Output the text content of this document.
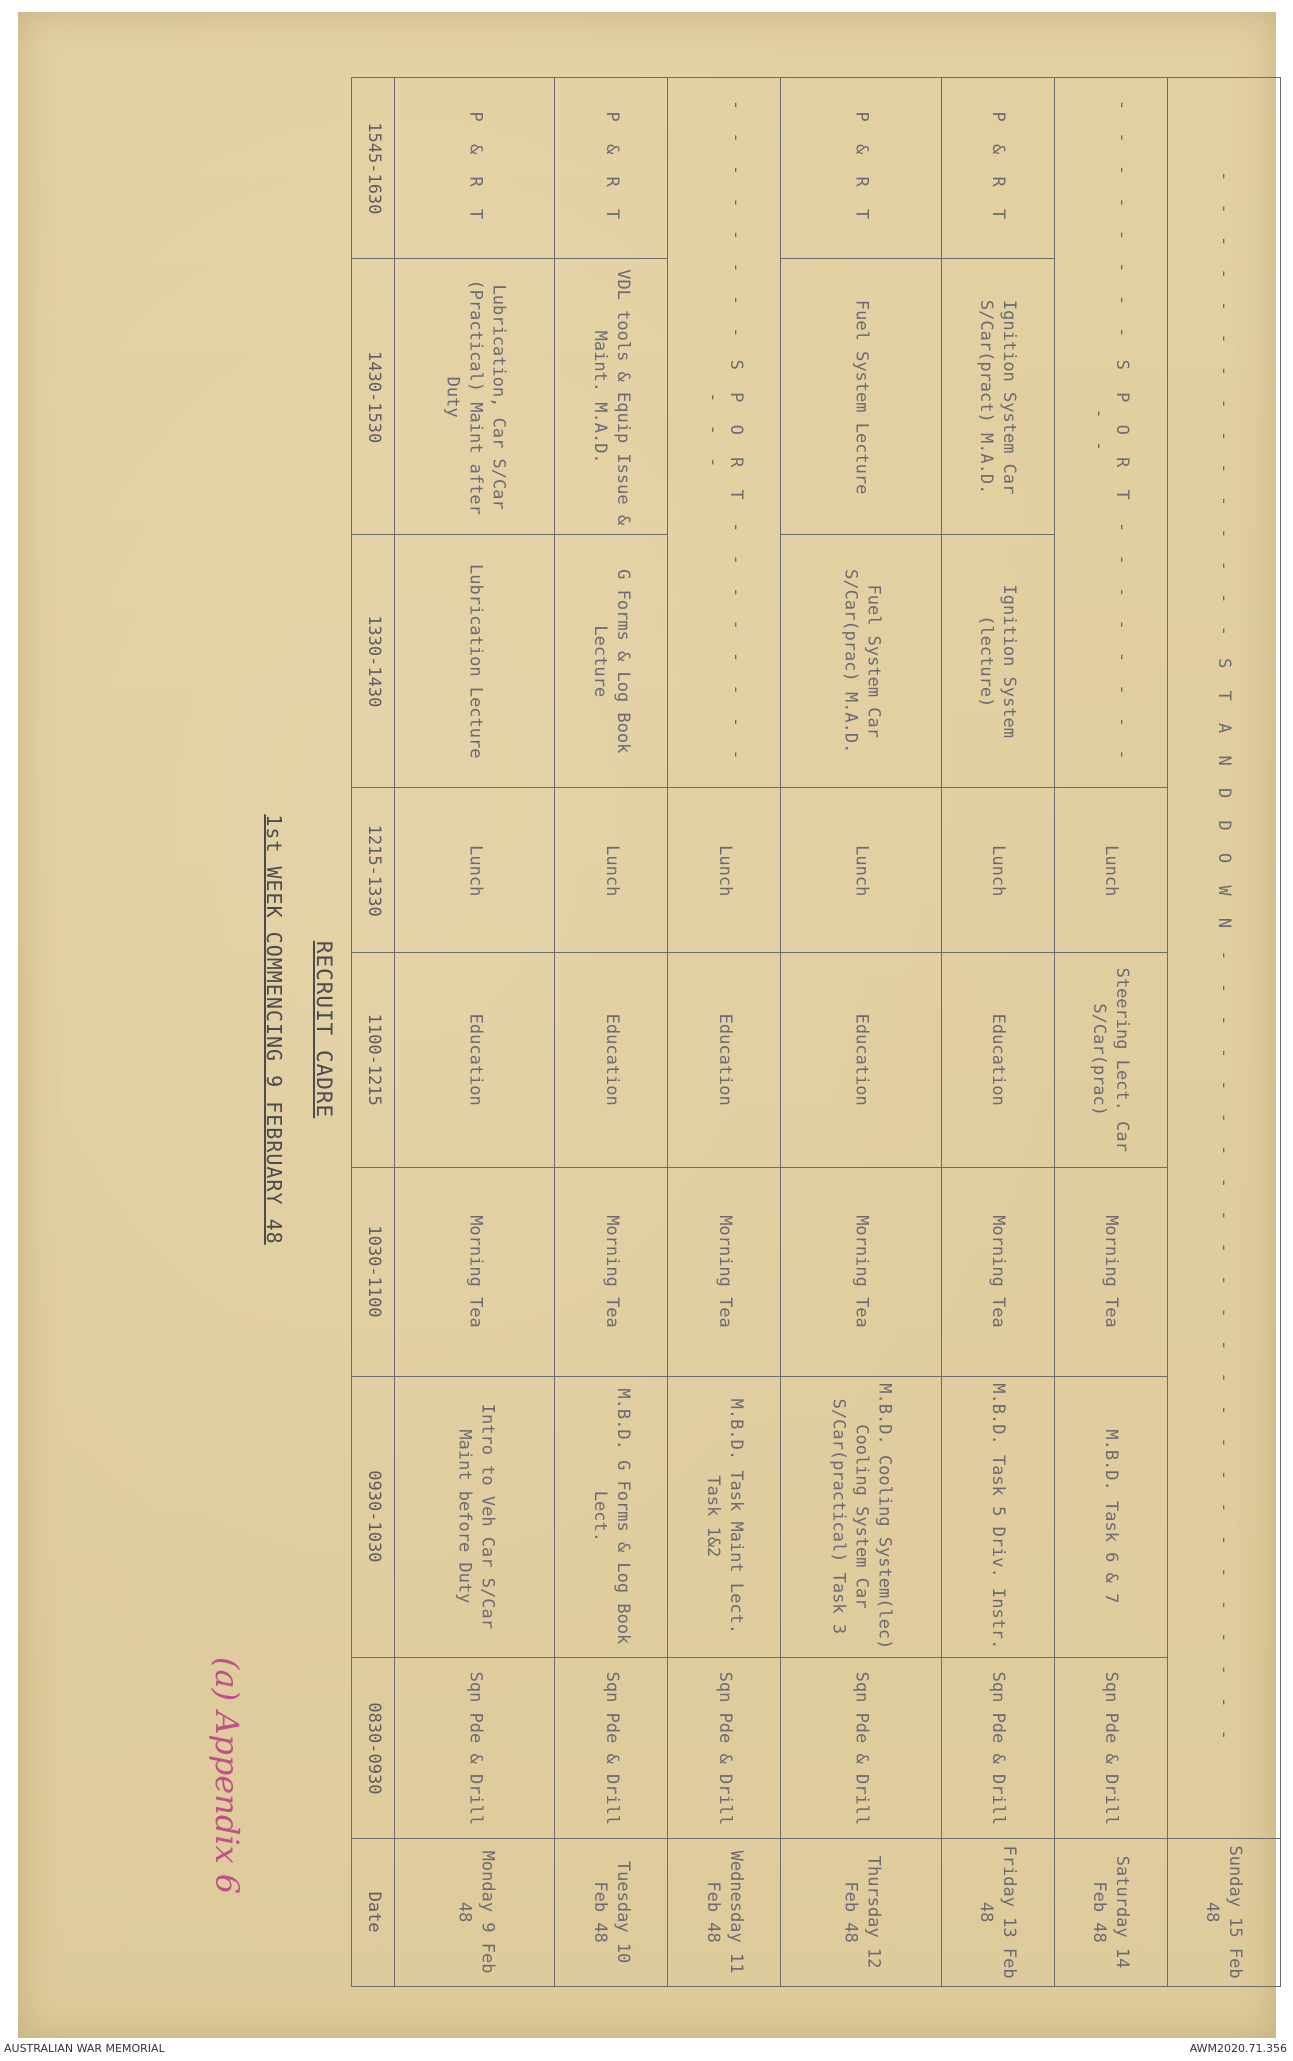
Date	0830-0930	0930-1030	1030-1100	1100-1215	1215-1330	1330-1430	1430-1530	1545-1630
Monday 9 Feb 48	Sqn Pde & Drill	Intro to Veh Car S/Car Maint before Duty	Morning Tea	Education	Lunch	Lubrication Lecture	Lubrication, Car S/Car (Practical) Maint after Duty	P & R T
Tuesday 10 Feb 48	Sqn Pde & Drill	M.B.D. G Forms & Log Book Lect.	Morning Tea	Education	Lunch	G Forms & Log Book Lecture	VDL tools & Equip Issue & Maint. M.A.D.	P & R T
Wednesday 11 Feb 48	Sqn Pde & Drill	M.B.D. Task Maint Lect. Task 1&2	Morning Tea	Education	Lunch	- - - - - - - - S P O R T - - - - - - - - - - -		
Thursday 12 Feb 48	Sqn Pde & Drill	M.B.D. Cooling System(lec) Cooling System Car S/Car(practical) Task 3	Morning Tea	Education	Lunch	Fuel System Car S/Car(prac) M.A.D.	Fuel System Lecture	P & R T
Friday 13 Feb 48	Sqn Pde & Drill	M.B.D. Task 5 Driv. Instr.	Morning Tea	Education	Lunch	Ignition System (lecture)	Ignition System Car S/Car(pract) M.A.D.	P & R T
Saturday 14 Feb 48	Sqn Pde & Drill	M.B.D. Task 6 & 7	Morning Tea	Steering Lect. Car S/Car(prac)	Lunch	- - - - - - - - S P O R T - - - - - - - - - -		
Sunday 15 Feb 48	- - - - - - - - - - - - - - - S T A N D D O W N - - - - - - - - - - - - - - - - - - - - - - - - -							
RECRUIT CADRE
1st WEEK COMMENCING 9 FEBRUARY 48
(a) Appendix 6
AUSTRALIAN WAR MEMORIAL	AWM2020.71.356
